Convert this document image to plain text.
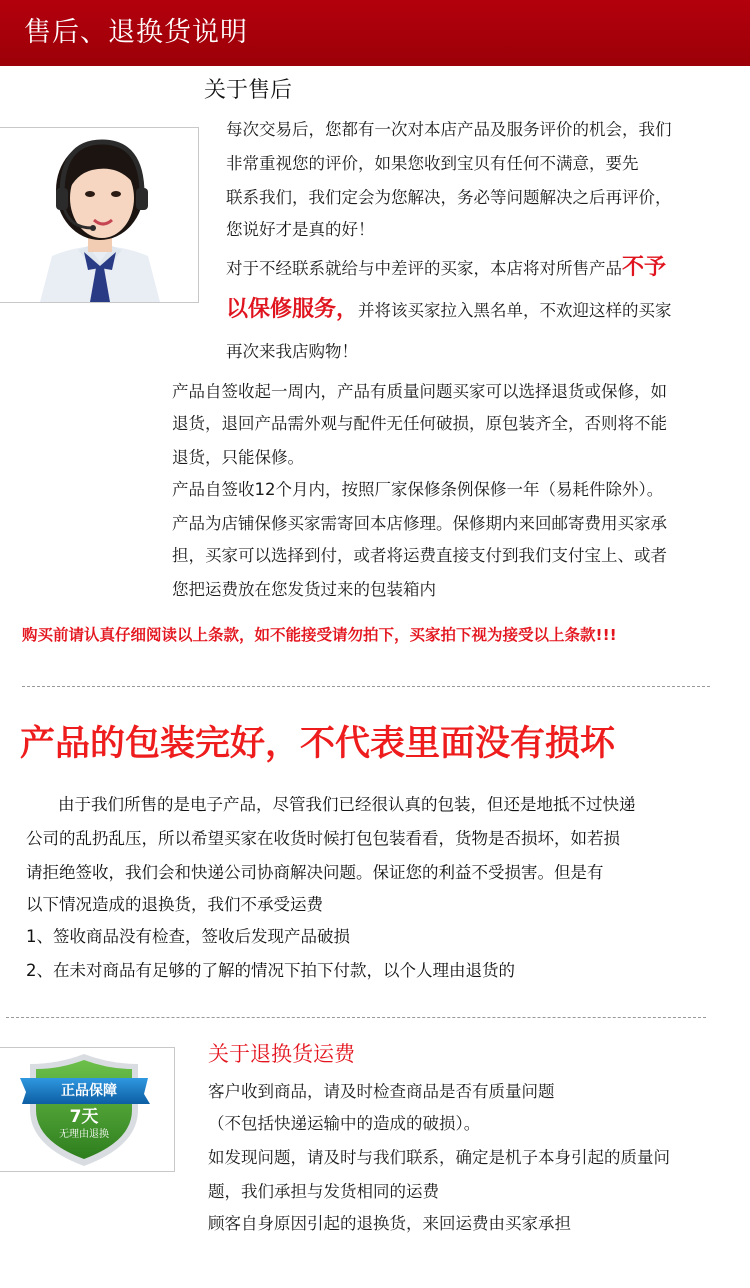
售后、退换货说明
关于售后
每次交易后，您都有一次对本店产品及服务评价的机会，我们
非常重视您的评价，如果您收到宝贝有任何不满意，要先
联系我们，我们定会为您解决，务必等问题解决之后再评价，
您说好才是真的好！
对于不经联系就给与中差评的买家，本店将对所售产品不予
以保修服务，并将该买家拉入黑名单，不欢迎这样的买家
再次来我店购物！
产品自签收起一周内，产品有质量问题买家可以选择退货或保修，如
退货，退回产品需外观与配件无任何破损，原包装齐全，否则将不能
退货，只能保修。
产品自签收12个月内，按照厂家保修条例保修一年（易耗件除外）。
产品为店铺保修买家需寄回本店修理。保修期内来回邮寄费用买家承
担，买家可以选择到付，或者将运费直接支付到我们支付宝上、或者
您把运费放在您发货过来的包装箱内
购买前请认真仔细阅读以上条款，如不能接受请勿拍下，买家拍下视为接受以上条款!!!
产品的包装完好，不代表里面没有损坏
由于我们所售的是电子产品，尽管我们已经很认真的包装，但还是地抵不过快递
公司的乱扔乱压，所以希望买家在收货时候打包包装看看，货物是否损坏，如若损
请拒绝签收，我们会和快递公司协商解决问题。保证您的利益不受损害。但是有
以下情况造成的退换货，我们不承受运费
1、签收商品没有检查，签收后发现产品破损
2、在未对商品有足够的了解的情况下拍下付款，以个人理由退货的
正品保障
7天
无理由退换
关于退换货运费
客户收到商品，请及时检查商品是否有质量问题
（不包括快递运输中的造成的破损）。
如发现问题，请及时与我们联系，确定是机子本身引起的质量问
题，我们承担与发货相同的运费
顾客自身原因引起的退换货，来回运费由买家承担
